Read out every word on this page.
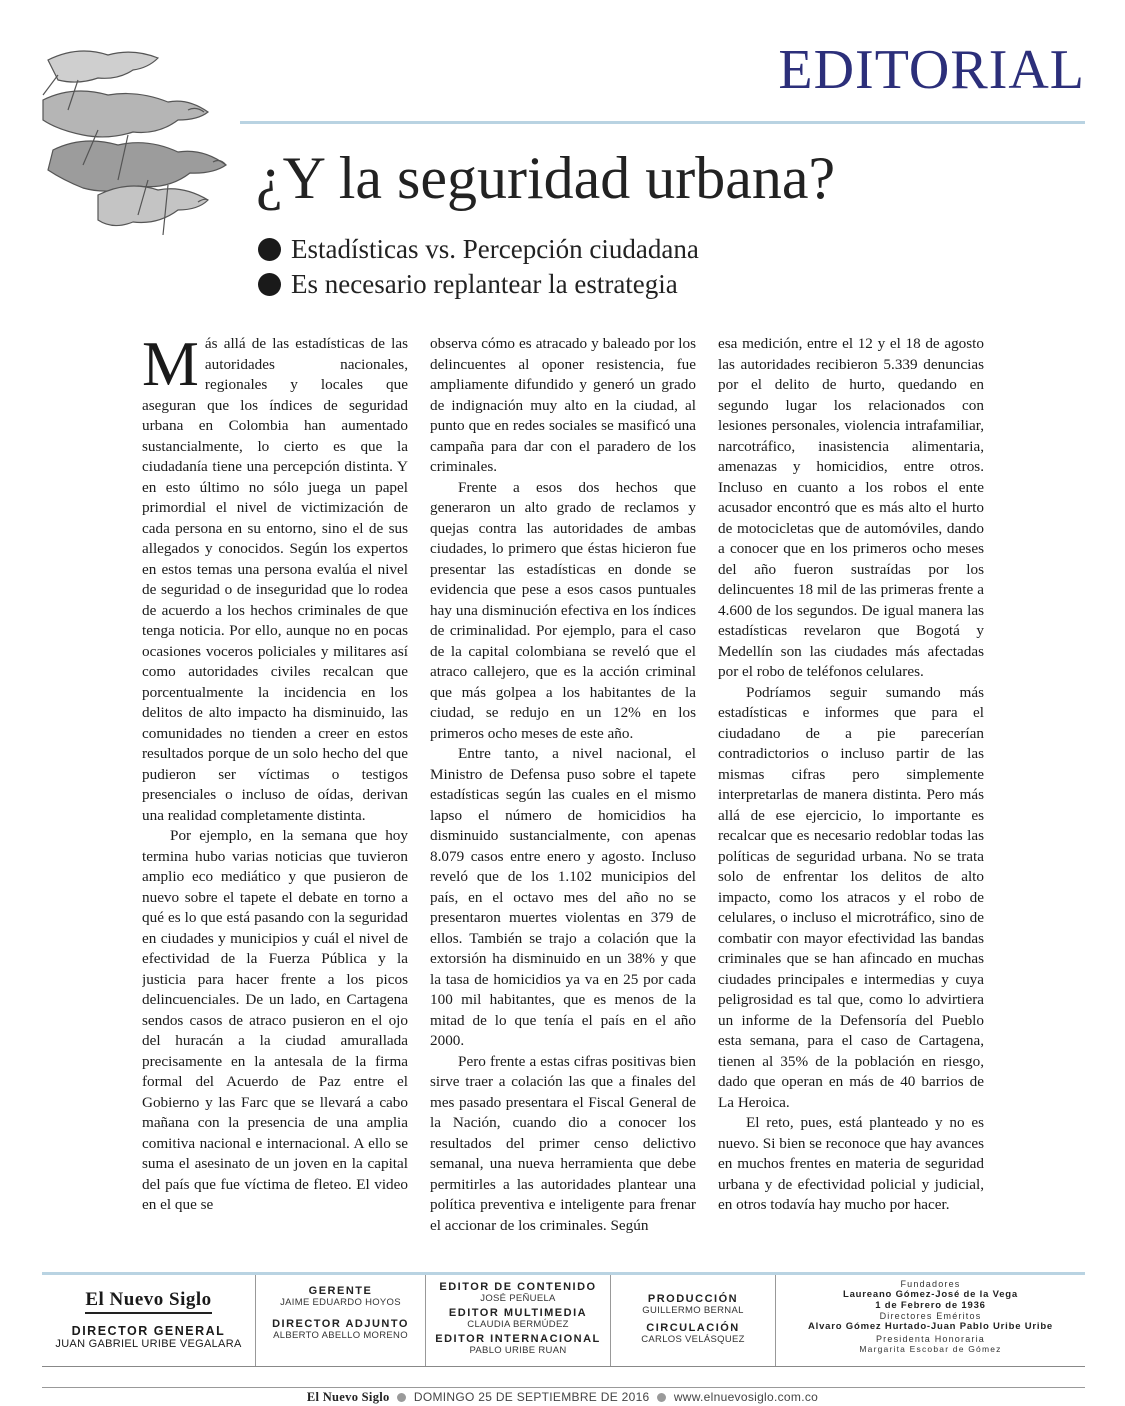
EDITORIAL
¿Y la seguridad urbana?
Estadísticas vs. Percepción ciudadana
Es necesario replantear la estrategia

Más allá de las estadísticas de las autoridades nacionales, regionales y locales que aseguran que los índices de seguridad urbana en Colombia han aumentado sustancialmente, lo cierto es que la ciudadanía tiene una percepción distinta. Y en esto último no sólo juega un papel primordial el nivel de victimización de cada persona en su entorno, sino el de sus allegados y conocidos. Según los expertos en estos temas una persona evalúa el nivel de seguridad o de inseguridad que lo rodea de acuerdo a los hechos criminales de que tenga noticia. Por ello, aunque no en pocas ocasiones voceros policiales y militares así como autoridades civiles recalcan que porcentualmente la incidencia en los delitos de alto impacto ha disminuido, las comunidades no tienden a creer en estos resultados porque de un solo hecho del que pudieron ser víctimas o testigos presenciales o incluso de oídas, derivan una realidad completamente distinta.

Por ejemplo, en la semana que hoy termina hubo varias noticias que tuvieron amplio eco mediático y que pusieron de nuevo sobre el tapete el debate en torno a qué es lo que está pasando con la seguridad en ciudades y municipios y cuál el nivel de efectividad de la Fuerza Pública y la justicia para hacer frente a los picos delincuenciales. De un lado, en Cartagena sendos casos de atraco pusieron en el ojo del huracán a la ciudad amurallada precisamente en la antesala de la firma formal del Acuerdo de Paz entre el Gobierno y las Farc que se llevará a cabo mañana con la presencia de una amplia comitiva nacional e internacional. A ello se suma el asesinato de un joven en la capital del país que fue víctima de fleteo. El video en el que se

observa cómo es atracado y baleado por los delincuentes al oponer resistencia, fue ampliamente difundido y generó un grado de indignación muy alto en la ciudad, al punto que en redes sociales se masificó una campaña para dar con el paradero de los criminales.

Frente a esos dos hechos que generaron un alto grado de reclamos y quejas contra las autoridades de ambas ciudades, lo primero que éstas hicieron fue presentar las estadísticas en donde se evidencia que pese a esos casos puntuales hay una disminución efectiva en los índices de criminalidad. Por ejemplo, para el caso de la capital colombiana se reveló que el atraco callejero, que es la acción criminal que más golpea a los habitantes de la ciudad, se redujo en un 12% en los primeros ocho meses de este año.

Entre tanto, a nivel nacional, el Ministro de Defensa puso sobre el tapete estadísticas según las cuales en el mismo lapso el número de homicidios ha disminuido sustancialmente, con apenas 8.079 casos entre enero y agosto. Incluso reveló que de los 1.102 municipios del país, en el octavo mes del año no se presentaron muertes violentas en 379 de ellos. También se trajo a colación que la extorsión ha disminuido en un 38% y que la tasa de homicidios ya va en 25 por cada 100 mil habitantes, que es menos de la mitad de lo que tenía el país en el año 2000.

Pero frente a estas cifras positivas bien sirve traer a colación las que a finales del mes pasado presentara el Fiscal General de la Nación, cuando dio a conocer los resultados del primer censo delictivo semanal, una nueva herramienta que debe permitirles a las autoridades plantear una política preventiva e inteligente para frenar el accionar de los criminales. Según

esa medición, entre el 12 y el 18 de agosto las autoridades recibieron 5.339 denuncias por el delito de hurto, quedando en segundo lugar los relacionados con lesiones personales, violencia intrafamiliar, narcotráfico, inasistencia alimentaria, amenazas y homicidios, entre otros. Incluso en cuanto a los robos el ente acusador encontró que es más alto el hurto de motocicletas que de automóviles, dando a conocer que en los primeros ocho meses del año fueron sustraídas por los delincuentes 18 mil de las primeras frente a 4.600 de los segundos. De igual manera las estadísticas revelaron que Bogotá y Medellín son las ciudades más afectadas por el robo de teléfonos celulares.

Podríamos seguir sumando más estadísticas e informes que para el ciudadano de a pie parecerían contradictorios o incluso partir de las mismas cifras pero simplemente interpretarlas de manera distinta. Pero más allá de ese ejercicio, lo importante es recalcar que es necesario redoblar todas las políticas de seguridad urbana. No se trata solo de enfrentar los delitos de alto impacto, como los atracos y el robo de celulares, o incluso el microtráfico, sino de combatir con mayor efectividad las bandas criminales que se han afincado en muchas ciudades principales e intermedias y cuya peligrosidad es tal que, como lo advirtiera un informe de la Defensoría del Pueblo esta semana, para el caso de Cartagena, tienen al 35% de la población en riesgo, dado que operan en más de 40 barrios de La Heroica.

El reto, pues, está planteado y no es nuevo. Si bien se reconoce que hay avances en muchos frentes en materia de seguridad urbana y de efectividad policial y judicial, en otros todavía hay mucho por hacer.

El Nuevo Siglo
DIRECTOR GENERAL
JUAN GABRIEL URIBE VEGALARA
GERENTE
JAIME EDUARDO HOYOS
DIRECTOR ADJUNTO
ALBERTO ABELLO MORENO
EDITOR DE CONTENIDO
JOSÉ PEÑUELA
EDITOR MULTIMEDIA
CLAUDIA BERMÚDEZ
EDITOR INTERNACIONAL
PABLO URIBE RUAN
PRODUCCIÓN
GUILLERMO BERNAL
CIRCULACIÓN
CARLOS VELÁSQUEZ
Fundadores
Laureano Gómez-José de la Vega
1 de Febrero de 1936
Directores Eméritos
Alvaro Gómez Hurtado-Juan Pablo Uribe Uribe
Presidenta Honoraria
Margarita Escobar de Gómez
El Nuevo Siglo DOMINGO 25 DE SEPTIEMBRE DE 2016 www.elnuevosiglo.com.co
